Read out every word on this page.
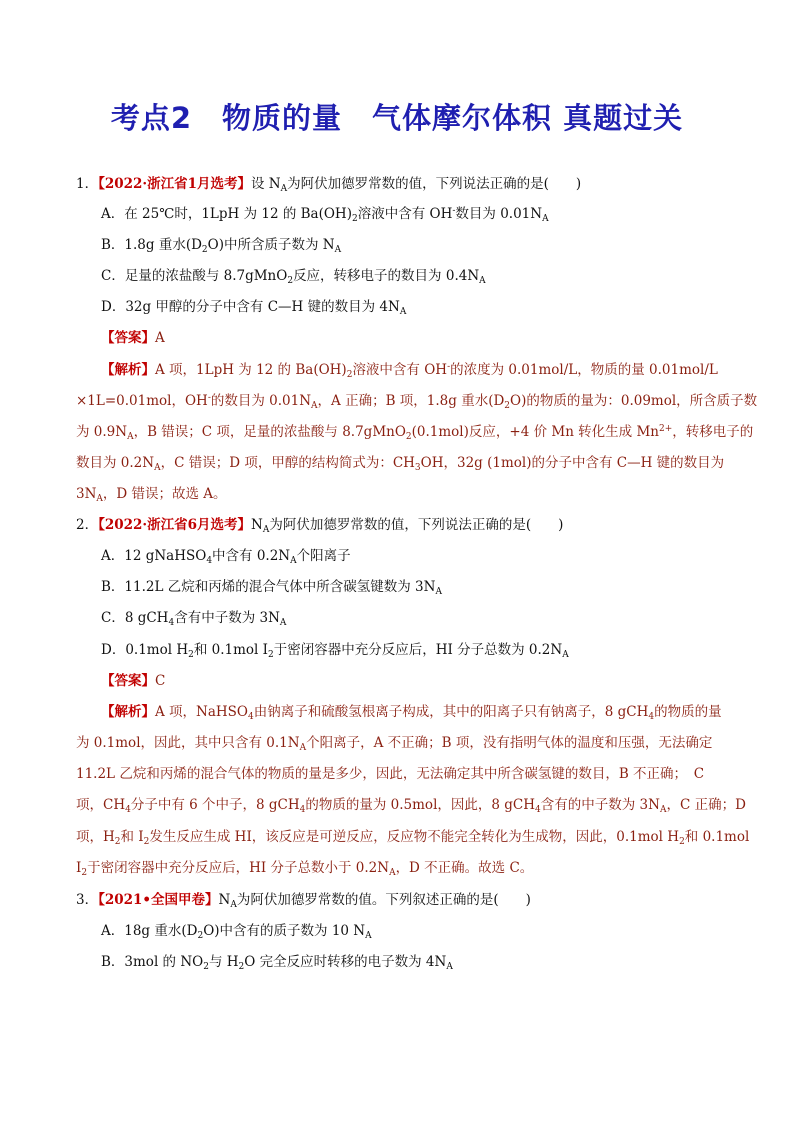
考点2　物质的量　气体摩尔体积 真题过关
1．【2022·浙江省1月选考】设 $N_A$为阿伏加德罗常数的值，下列说法正确的是(　　)
A．在 25℃时，1LpH 为 12 的 $Ba(OH)_2$溶液中含有 OH-数目为 $0.01N_A$
B．1.8g 重水$(D_2O)$中所含质子数为 $N_A$
C．足量的浓盐酸与 8.7gMnO$_2$反应，转移电子的数目为 $0.4N_A$
D．32g 甲醇的分子中含有 C—H 键的数目为 $4N_A$
【答案】A
【解析】A 项，1LpH 为 12 的 $Ba(OH)_2$溶液中含有 OH-的浓度为 0.01mol/L，物质的量 0.01mol/L
×1L=0.01mol，OH-的数目为 $0.01N_A$，A 正确；B 项，1.8g 重水$(D_2O)$的物质的量为：0.09mol，所含质子数
为 $0.9N_A$，B 错误；C 项，足量的浓盐酸与 8.7gMnO$_2$(0.1mol)反应，+4 价 Mn 转化生成 $Mn^{2+}$，转移电子的
数目为 $0.2N_A$，C 错误；D 项，甲醇的结构简式为：$CH_3OH$，32g (1mol)的分子中含有 C—H 键的数目为
$3N_A$，D 错误；故选 A。
2．【2022·浙江省6月选考】$N_A$为阿伏加德罗常数的值，下列说法正确的是(　　)
A．12 gNaHSO$_4$中含有 $0.2N_A$个阳离子
B．11.2L 乙烷和丙烯的混合气体中所含碳氢键数为 $3N_A$
C．8 gCH$_4$含有中子数为 $3N_A$
D．0.1mol $H_2$和 0.1mol $I_2$于密闭容器中充分反应后，HI 分子总数为 $0.2N_A$
【答案】C
【解析】A 项，NaHSO$_4$由钠离子和硫酸氢根离子构成，其中的阳离子只有钠离子，8 gCH$_4$的物质的量
为 0.1mol，因此，其中只含有 $0.1N_A$个阳离子，A 不正确；B 项，没有指明气体的温度和压强，无法确定
11.2L 乙烷和丙烯的混合气体的物质的量是多少，因此，无法确定其中所含碳氢键的数目，B 不正确；　C
项，$CH_4$分子中有 6 个中子，8 gCH$_4$的物质的量为 0.5mol，因此，8 gCH$_4$含有的中子数为 $3N_A$，C 正确；D
项，$H_2$和 $I_2$发生反应生成 HI，该反应是可逆反应，反应物不能完全转化为生成物，因此，0.1mol $H_2$和 0.1mol
$I_2$于密闭容器中充分反应后，HI 分子总数小于 $0.2N_A$，D 不正确。故选 C。
3．【2021•全国甲卷】$N_A$为阿伏加德罗常数的值。下列叙述正确的是(　　)
A．18g 重水$(D_2O)$中含有的质子数为 10 $N_A$
B．3mol 的 $NO_2$与 $H_2O$ 完全反应时转移的电子数为 $4N_A$
